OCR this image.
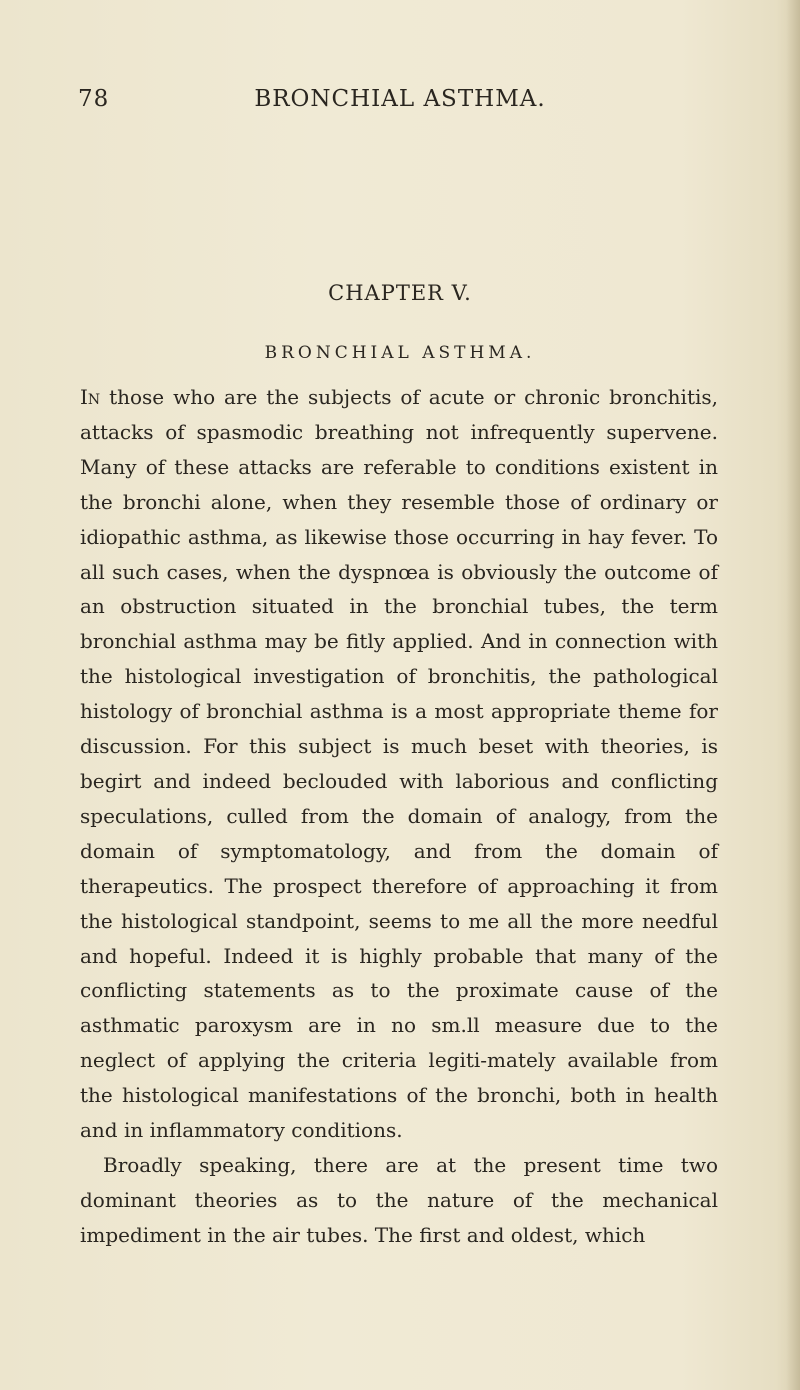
78	BRONCHIAL ASTHMA.
CHAPTER V.
BRONCHIAL ASTHMA.

In those who are the subjects of acute or chronic bronchitis, attacks of spasmodic breathing not infrequently supervene. Many of these attacks are referable to conditions existent in the bronchi alone, when they resemble those of ordinary or idiopathic asthma, as likewise those occurring in hay fever. To all such cases, when the dyspnœa is obviously the outcome of an obstruction situated in the bronchial tubes, the term bronchial asthma may be fitly applied. And in connection with the histological investigation of bronchitis, the pathological histology of bronchial asthma is a most appropriate theme for discussion. For this subject is much beset with theories, is begirt and indeed beclouded with laborious and conflicting speculations, culled from the domain of analogy, from the domain of symptomatology, and from the domain of therapeutics. The prospect therefore of approaching it from the histological standpoint, seems to me all the more needful and hopeful. Indeed it is highly probable that many of the conflicting statements as to the proximate cause of the asthmatic paroxysm are in no sm.ll measure due to the neglect of applying the criteria legiti-mately available from the histological manifestations of the bronchi, both in health and in inflammatory conditions.

Broadly speaking, there are at the present time two dominant theories as to the nature of the mechanical impediment in the air tubes. The first and oldest, which
